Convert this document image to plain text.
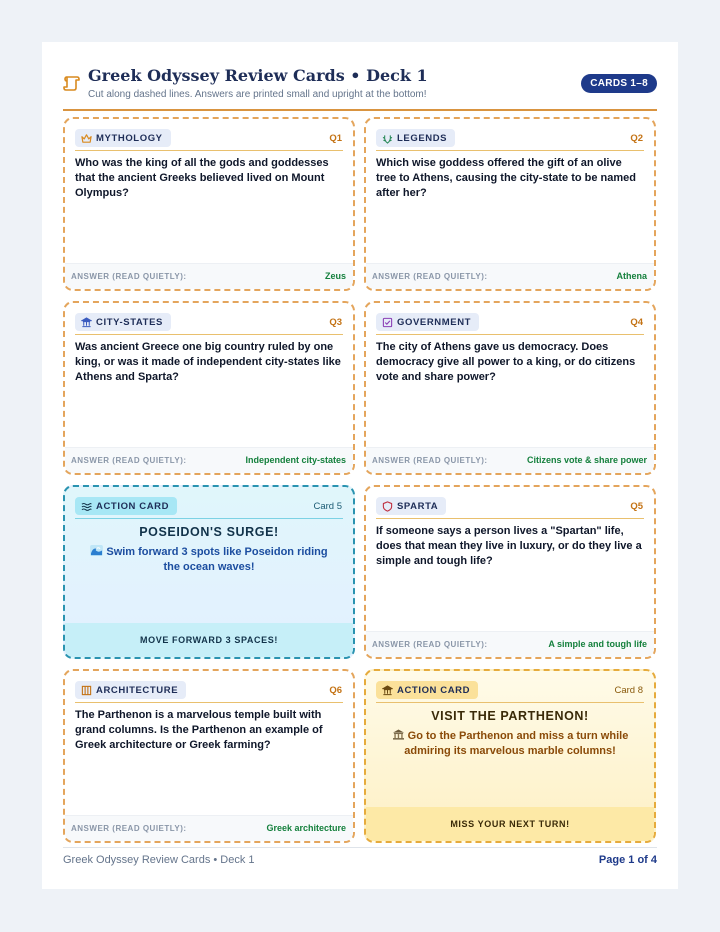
Greek Odyssey Review Cards • Deck 1
Cut along dashed lines. Answers are printed small and upright at the bottom!
CARDS 1–8
MYTHOLOGY	Q1
Who was the king of all the gods and goddesses that the ancient Greeks believed lived on Mount Olympus?
ANSWER (READ QUIETLY):	Zeus
LEGENDS	Q2
Which wise goddess offered the gift of an olive tree to Athens, causing the city-state to be named after her?
ANSWER (READ QUIETLY):	Athena
CITY-STATES	Q3
Was ancient Greece one big country ruled by one king, or was it made of independent city-states like Athens and Sparta?
ANSWER (READ QUIETLY):	Independent city-states
GOVERNMENT	Q4
The city of Athens gave us democracy. Does democracy give all power to a king, or do citizens vote and share power?
ANSWER (READ QUIETLY):	Citizens vote & share power
ACTION CARD	Card 5
POSEIDON'S SURGE!
Swim forward 3 spots like Poseidon riding the ocean waves!
MOVE FORWARD 3 SPACES!
SPARTA	Q5
If someone says a person lives a "Spartan" life, does that mean they live in luxury, or do they live a simple and tough life?
ANSWER (READ QUIETLY):	A simple and tough life
ARCHITECTURE	Q6
The Parthenon is a marvelous temple built with grand columns. Is the Parthenon an example of Greek architecture or Greek farming?
ANSWER (READ QUIETLY):	Greek architecture
ACTION CARD	Card 8
VISIT THE PARTHENON!
Go to the Parthenon and miss a turn while admiring its marvelous marble columns!
MISS YOUR NEXT TURN!
Greek Odyssey Review Cards • Deck 1	Page 1 of 4
